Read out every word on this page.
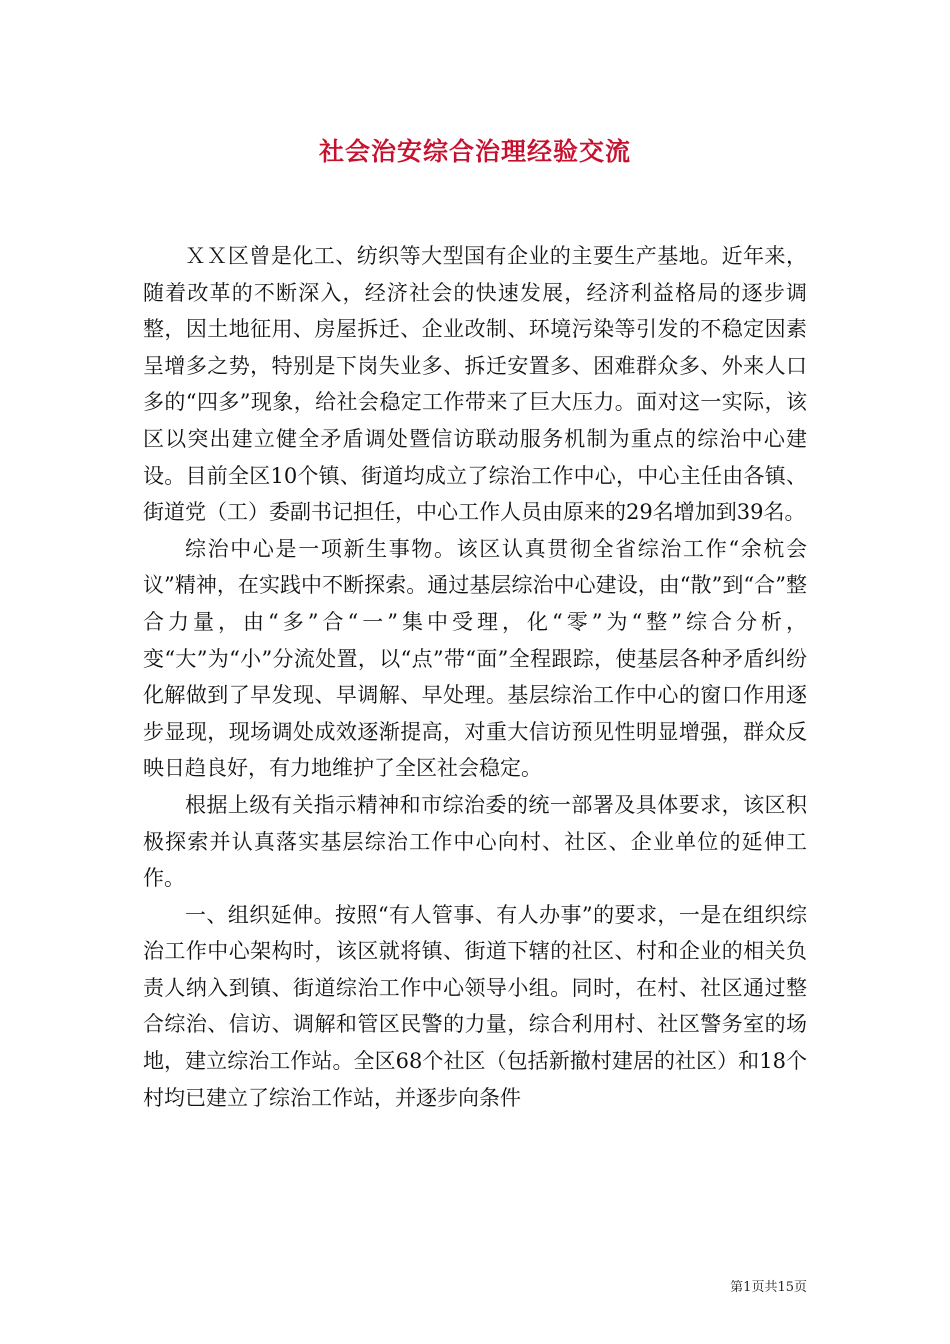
社会治安综合治理经验交流

ＸＸ区曾是化工、纺织等大型国有企业的主要生产基地。近年来，随着改革的不断深入，经济社会的快速发展，经济利益格局的逐步调整，因土地征用、房屋拆迁、企业改制、环境污染等引发的不稳定因素呈增多之势，特别是下岗失业多、拆迁安置多、困难群众多、外来人口多的“四多”现象，给社会稳定工作带来了巨大压力。面对这一实际，该区以突出建立健全矛盾调处暨信访联动服务机制为重点的综治中心建设。目前全区10个镇、街道均成立了综治工作中心，中心主任由各镇、街道党（工）委副书记担任，中心工作人员由原来的29名增加到39名。

综治中心是一项新生事物。该区认真贯彻全省综治工作“余杭会议”精神，在实践中不断探索。通过基层综治中心建设，由“散”到“合”整合力量，由“多”合“一”集中受理，化“零”为“整”综合分析，变“大”为“小”分流处置，以“点”带“面”全程跟踪，使基层各种矛盾纠纷化解做到了早发现、早调解、早处理。基层综治工作中心的窗口作用逐步显现，现场调处成效逐渐提高，对重大信访预见性明显增强，群众反映日趋良好，有力地维护了全区社会稳定。

根据上级有关指示精神和市综治委的统一部署及具体要求，该区积极探索并认真落实基层综治工作中心向村、社区、企业单位的延伸工作。

一、组织延伸。按照“有人管事、有人办事”的要求，一是在组织综治工作中心架构时，该区就将镇、街道下辖的社区、村和企业的相关负责人纳入到镇、街道综治工作中心领导小组。同时，在村、社区通过整合综治、信访、调解和管区民警的力量，综合利用村、社区警务室的场地，建立综治工作站。全区68个社区（包括新撤村建居的社区）和18个村均已建立了综治工作站，并逐步向条件

第1页共15页
